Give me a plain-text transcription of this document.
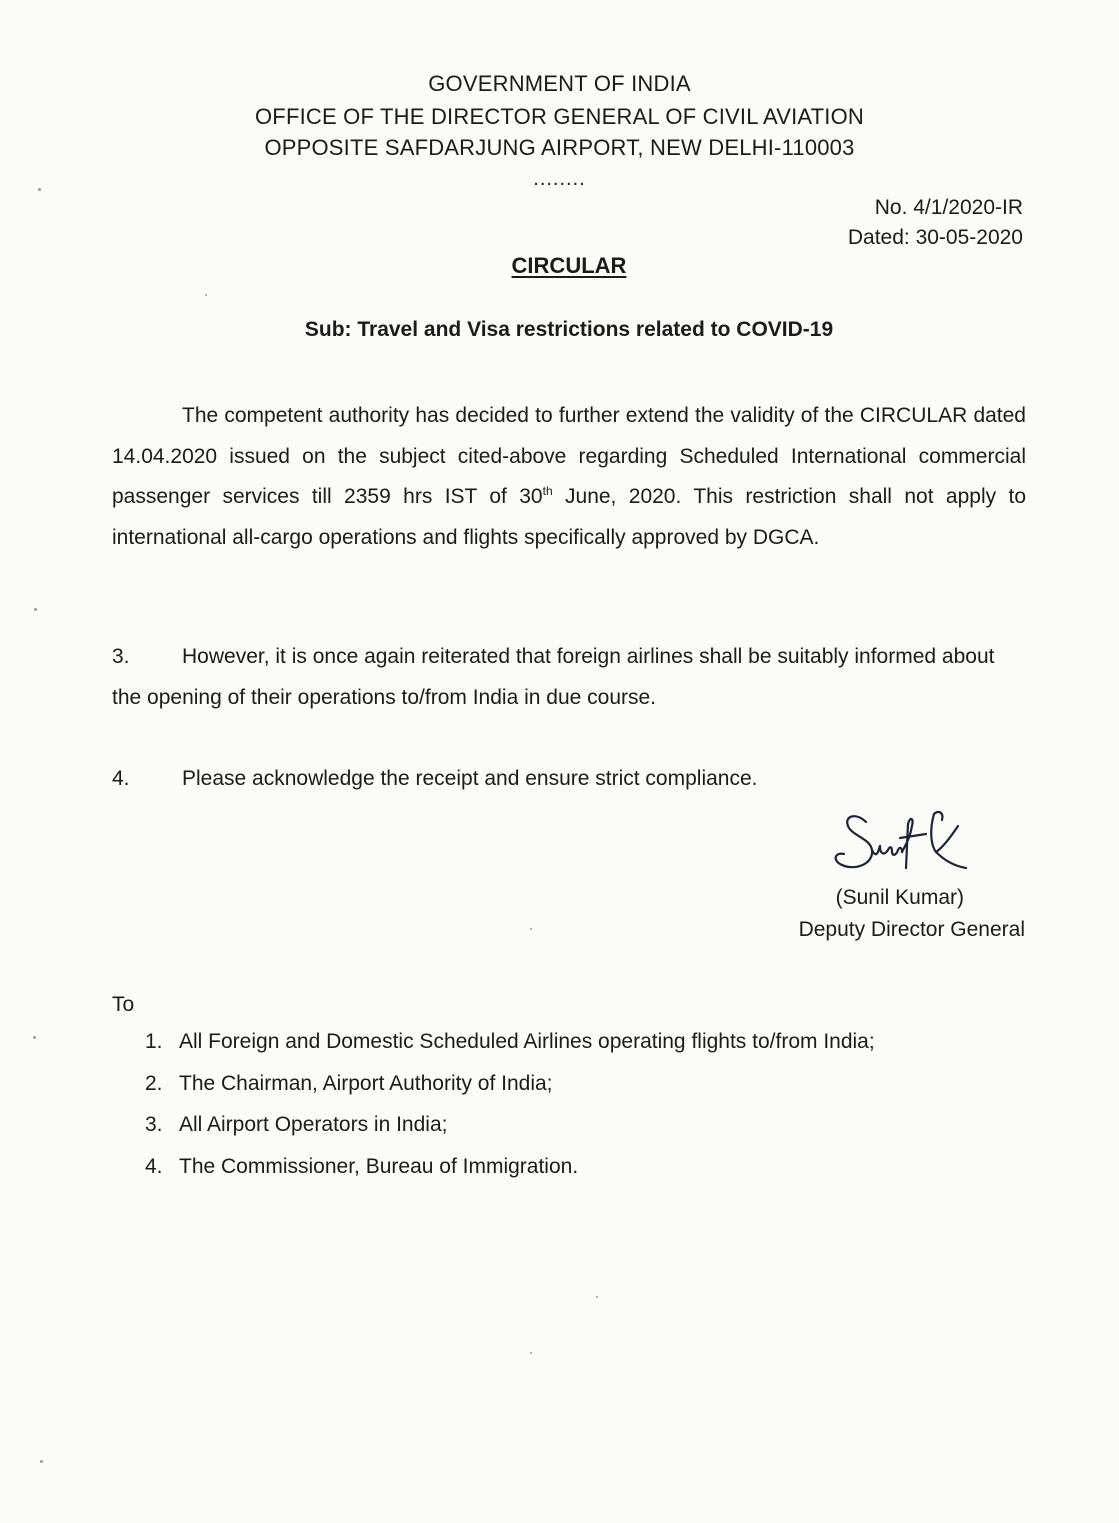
GOVERNMENT OF INDIA
OFFICE OF THE DIRECTOR GENERAL OF CIVIL AVIATION
OPPOSITE SAFDARJUNG AIRPORT, NEW DELHI-110003
........
No. 4/1/2020-IR
Dated: 30-05-2020
CIRCULAR
Sub: Travel and Visa restrictions related to COVID-19
The competent authority has decided to further extend the validity of the CIRCULAR dated 14.04.2020 issued on the subject cited-above regarding Scheduled International commercial passenger services till 2359 hrs IST of 30th June, 2020. This restriction shall not apply to international all-cargo operations and flights specifically approved by DGCA.
3. However, it is once again reiterated that foreign airlines shall be suitably informed about the opening of their operations to/from India in due course.
4. Please acknowledge the receipt and ensure strict compliance.
(Sunil Kumar)
Deputy Director General
To
1. All Foreign and Domestic Scheduled Airlines operating flights to/from India;
2. The Chairman, Airport Authority of India;
3. All Airport Operators in India;
4. The Commissioner, Bureau of Immigration.
